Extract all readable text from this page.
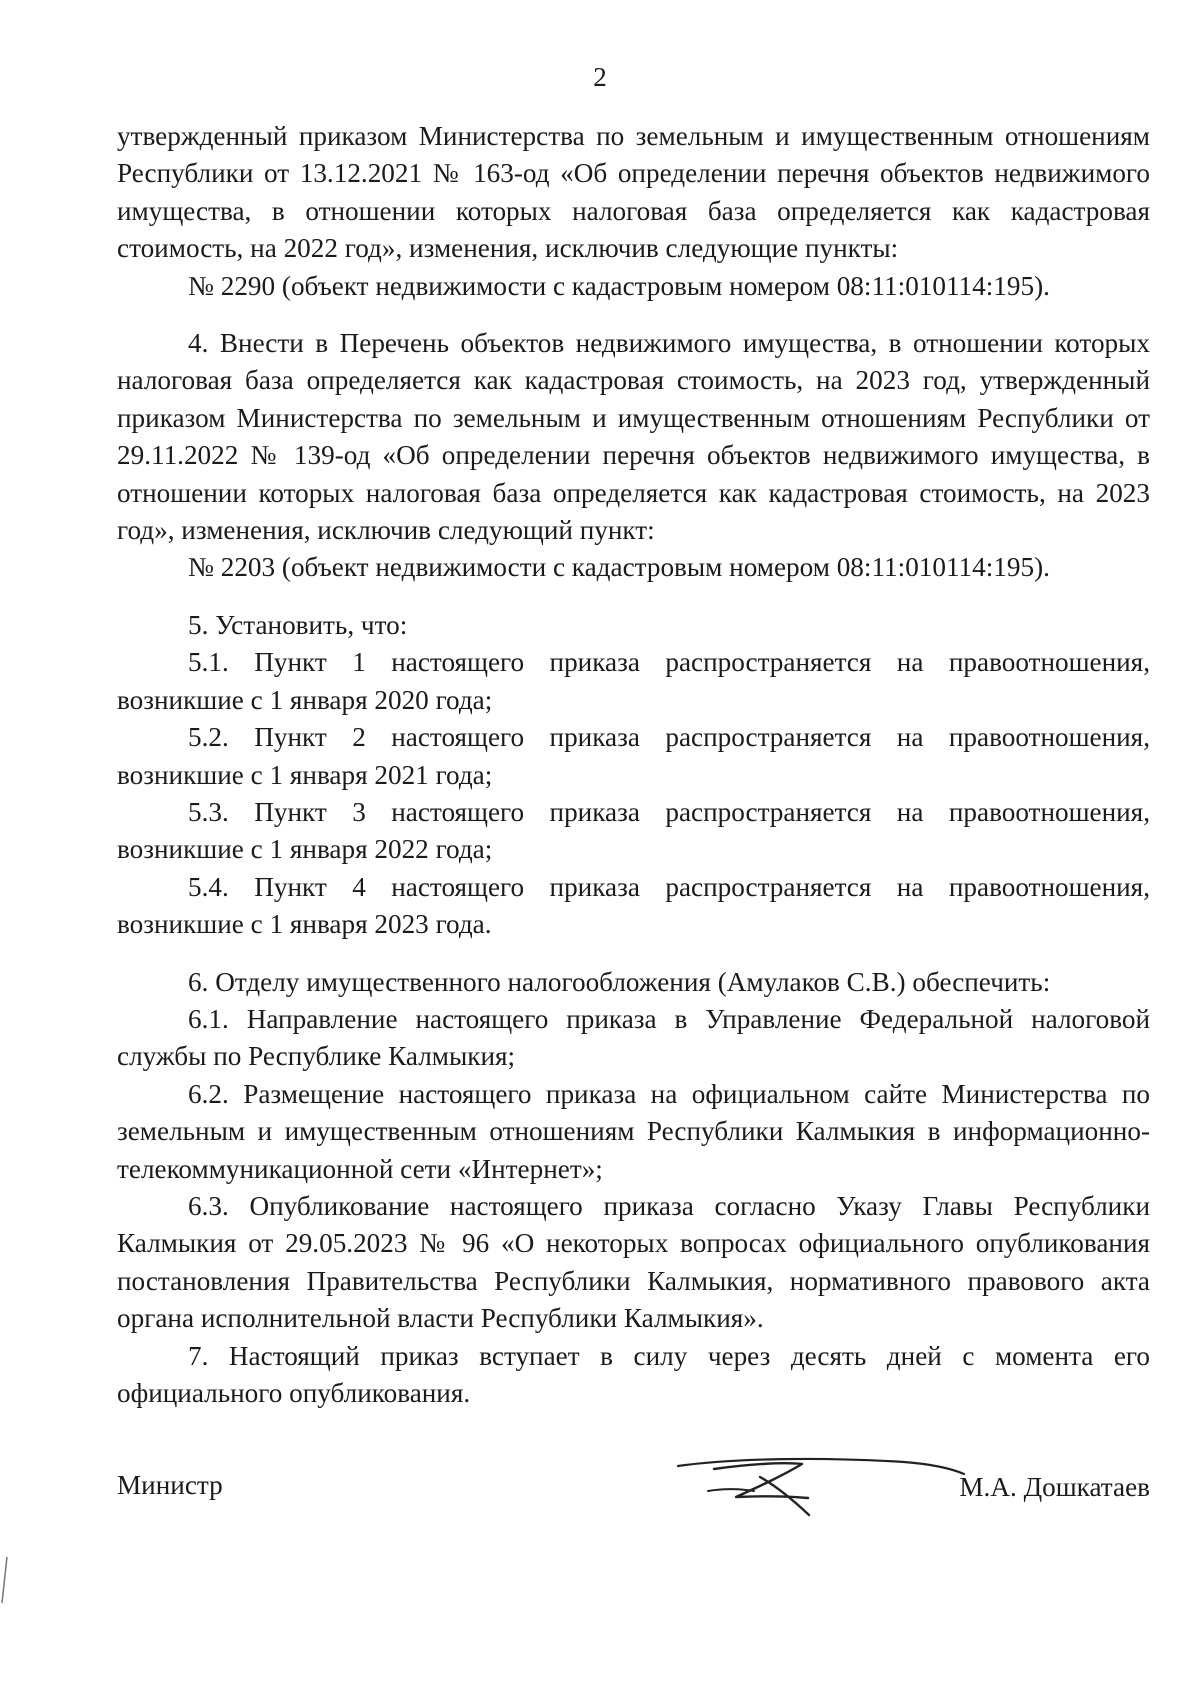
2
утвержденный приказом Министерства по земельным и имущественным отношениям Республики от 13.12.2021 № 163-од «Об определении перечня объектов недвижимого имущества, в отношении которых налоговая база определяется как кадастровая стоимость, на 2022 год», изменения, исключив следующие пункты:
№ 2290 (объект недвижимости с кадастровым номером 08:11:010114:195).
4. Внести в Перечень объектов недвижимого имущества, в отношении которых налоговая база определяется как кадастровая стоимость, на 2023 год, утвержденный приказом Министерства по земельным и имущественным отношениям Республики от 29.11.2022 № 139-од «Об определении перечня объектов недвижимого имущества, в отношении которых налоговая база определяется как кадастровая стоимость, на 2023 год», изменения, исключив следующий пункт:
№ 2203 (объект недвижимости с кадастровым номером 08:11:010114:195).
5. Установить, что:
5.1. Пункт 1 настоящего приказа распространяется на правоотношения, возникшие с 1 января 2020 года;
5.2. Пункт 2 настоящего приказа распространяется на правоотношения, возникшие с 1 января 2021 года;
5.3. Пункт 3 настоящего приказа распространяется на правоотношения, возникшие с 1 января 2022 года;
5.4. Пункт 4 настоящего приказа распространяется на правоотношения, возникшие с 1 января 2023 года.
6. Отделу имущественного налогообложения (Амулаков С.В.) обеспечить:
6.1. Направление настоящего приказа в Управление Федеральной налоговой службы по Республике Калмыкия;
6.2. Размещение настоящего приказа на официальном сайте Министерства по земельным и имущественным отношениям Республики Калмыкия в информационно-телекоммуникационной сети «Интернет»;
6.3. Опубликование настоящего приказа согласно Указу Главы Республики Калмыкия от 29.05.2023 № 96 «О некоторых вопросах официального опубликования постановления Правительства Республики Калмыкия, нормативного правового акта органа исполнительной власти Республики Калмыкия».
7. Настоящий приказ вступает в силу через десять дней с момента его официального опубликования.
Министр	М.А. Дошкатаев
